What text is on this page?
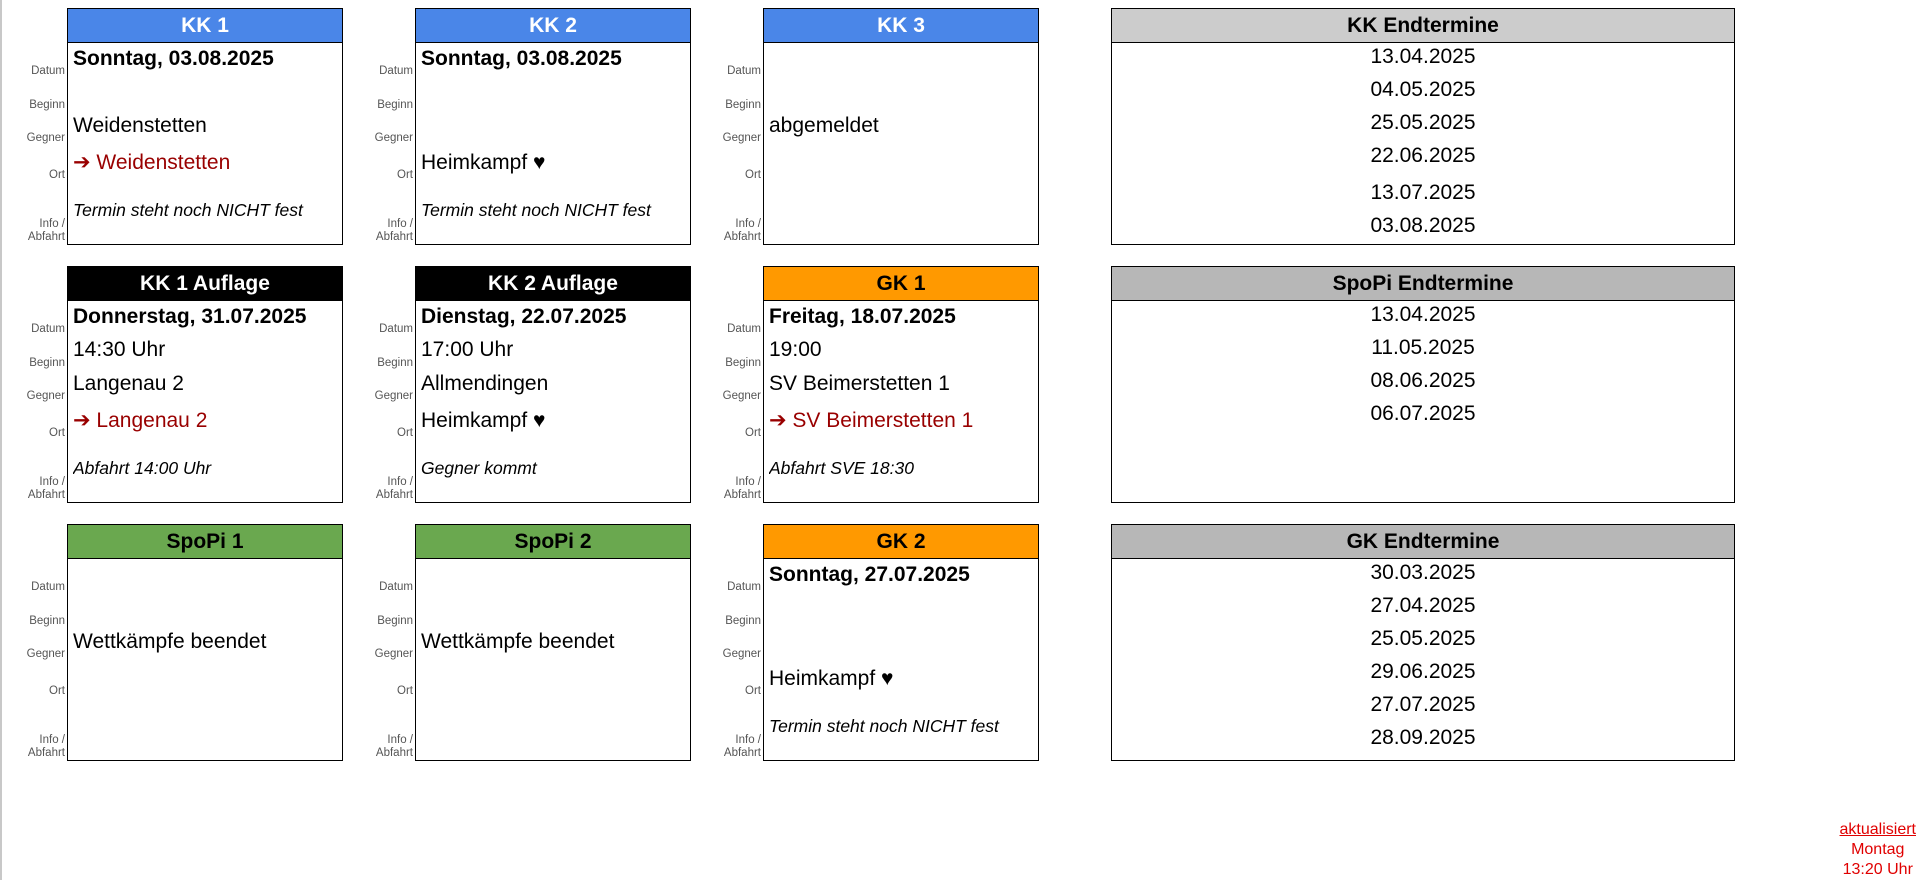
Datum
Beginn
Gegner
Ort
Info /
Abfahrt
KK 1
Sonntag, 03.08.2025
Weidenstetten
➔ Weidenstetten
Termin steht noch NICHT fest
Datum
Beginn
Gegner
Ort
Info /
Abfahrt
KK 2
Sonntag, 03.08.2025
Heimkampf ♥
Termin steht noch NICHT fest
Datum
Beginn
Gegner
Ort
Info /
Abfahrt
KK 3
abgemeldet
Datum
Beginn
Gegner
Ort
Info /
Abfahrt
KK 1 Auflage
Donnerstag, 31.07.2025
14:30 Uhr
Langenau 2
➔ Langenau 2
Abfahrt 14:00 Uhr
Datum
Beginn
Gegner
Ort
Info /
Abfahrt
KK 2 Auflage
Dienstag, 22.07.2025
17:00 Uhr
Allmendingen
Heimkampf ♥
Gegner kommt
Datum
Beginn
Gegner
Ort
Info /
Abfahrt
GK 1
Freitag, 18.07.2025
19:00
SV Beimerstetten 1
➔ SV Beimerstetten 1
Abfahrt SVE 18:30
Datum
Beginn
Gegner
Ort
Info /
Abfahrt
SpoPi 1
Wettkämpfe beendet
Datum
Beginn
Gegner
Ort
Info /
Abfahrt
SpoPi 2
Wettkämpfe beendet
Datum
Beginn
Gegner
Ort
Info /
Abfahrt
GK 2
Sonntag, 27.07.2025
Heimkampf ♥
Termin steht noch NICHT fest
KK Endtermine
13.04.2025
04.05.2025
25.05.2025
22.06.2025
13.07.2025
03.08.2025
SpoPi Endtermine
13.04.2025
11.05.2025
08.06.2025
06.07.2025
GK Endtermine
30.03.2025
27.04.2025
25.05.2025
29.06.2025
27.07.2025
28.09.2025
aktualisiert
Montag
13:20 Uhr
